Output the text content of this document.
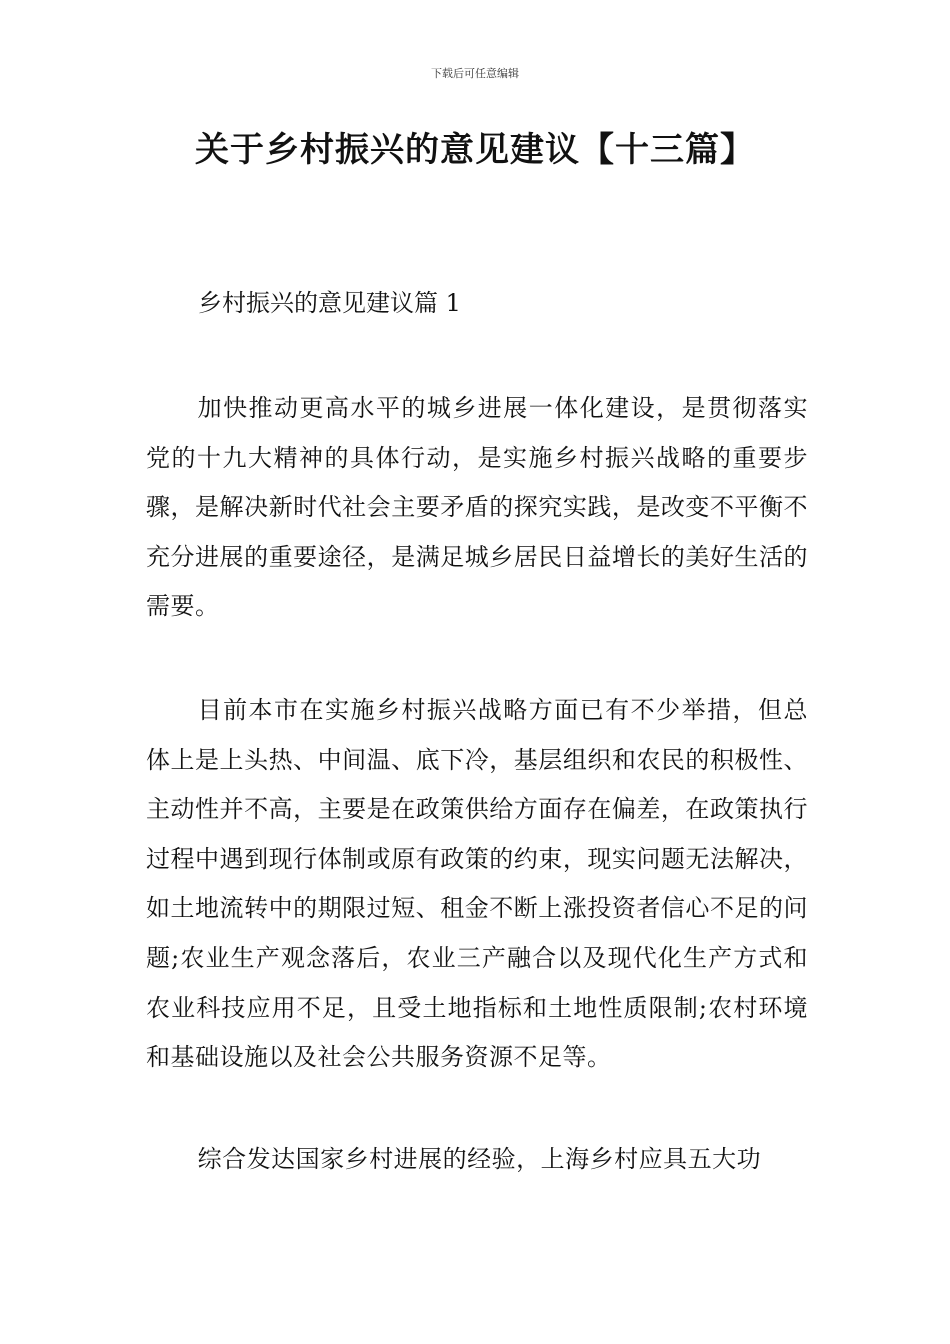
下载后可任意编辑
关于乡村振兴的意见建议【十三篇】

乡村振兴的意见建议篇 1

加快推动更高水平的城乡进展一体化建设，是贯彻落实党的十九大精神的具体行动，是实施乡村振兴战略的重要步骤，是解决新时代社会主要矛盾的探究实践，是改变不平衡不充分进展的重要途径，是满足城乡居民日益增长的美好生活的需要。

目前本市在实施乡村振兴战略方面已有不少举措，但总体上是上头热、中间温、底下冷，基层组织和农民的积极性、主动性并不高，主要是在政策供给方面存在偏差，在政策执行过程中遇到现行体制或原有政策的约束，现实问题无法解决，如土地流转中的期限过短、租金不断上涨投资者信心不足的问题;农业生产观念落后，农业三产融合以及现代化生产方式和农业科技应用不足，且受土地指标和土地性质限制;农村环境和基础设施以及社会公共服务资源不足等。

综合发达国家乡村进展的经验，上海乡村应具五大功
